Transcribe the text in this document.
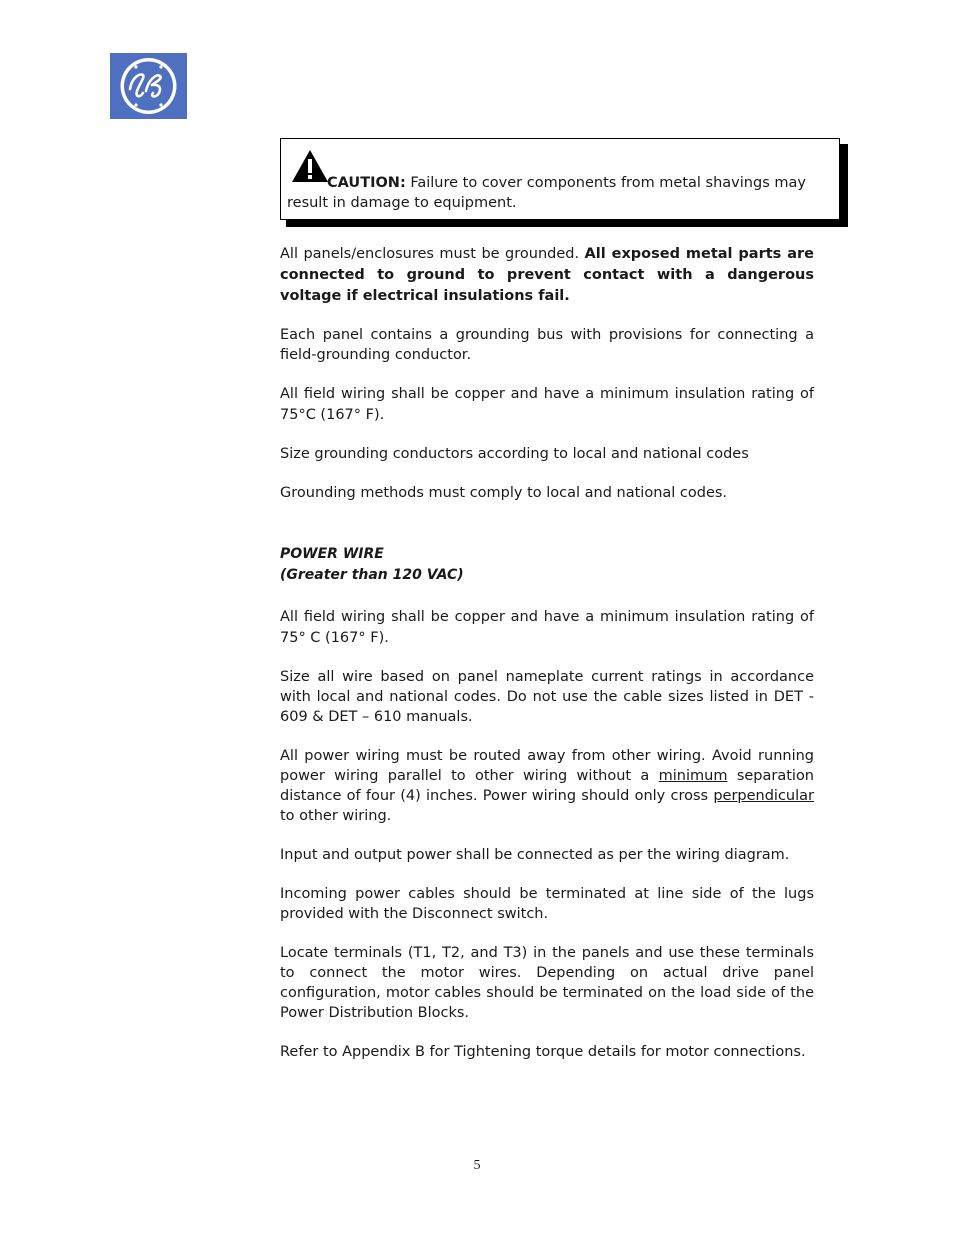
CAUTION: Failure to cover components from metal shavings may result in damage to equipment.

All panels/enclosures must be grounded. All exposed metal parts are connected to ground to prevent contact with a dangerous voltage if electrical insulations fail.

Each panel contains a grounding bus with provisions for connecting a field-grounding conductor.

All field wiring shall be copper and have a minimum insulation rating of 75°C (167° F).

Size grounding conductors according to local and national codes

Grounding methods must comply to local and national codes.

POWER WIRE
(Greater than 120 VAC)

All field wiring shall be copper and have a minimum insulation rating of 75° C (167° F).

Size all wire based on panel nameplate current ratings in accordance with local and national codes. Do not use the cable sizes listed in DET - 609 & DET – 610 manuals.

All power wiring must be routed away from other wiring. Avoid running power wiring parallel to other wiring without a minimum separation distance of four (4) inches. Power wiring should only cross perpendicular to other wiring.

Input and output power shall be connected as per the wiring diagram.

Incoming power cables should be terminated at line side of the lugs provided with the Disconnect switch.

Locate terminals (T1, T2, and T3) in the panels and use these terminals to connect the motor wires. Depending on actual drive panel configuration, motor cables should be terminated on the load side of the Power Distribution Blocks.

Refer to Appendix B for Tightening torque details for motor connections.

5
